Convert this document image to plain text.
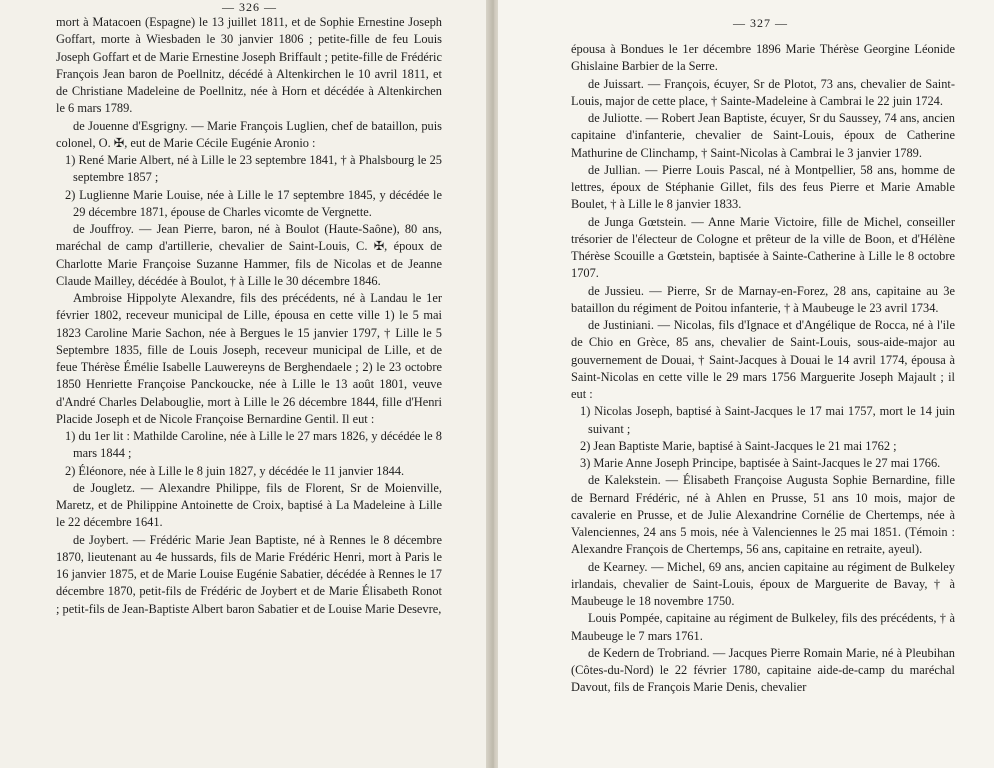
— 326 —

mort à Matacoen (Espagne) le 13 juillet 1811, et de Sophie Ernestine Joseph Goffart, morte à Wiesbaden le 30 janvier 1806 ; petite-fille de feu Louis Joseph Goffart et de Marie Ernestine Joseph Briffault ; petite-fille de Frédéric François Jean baron de Poellnitz, décédé à Altenkirchen le 10 avril 1811, et de Christiane Madeleine de Poellnitz, née à Horn et décédée à Altenkirchen le 6 mars 1789.

de Jouenne d'Esgrigny. — Marie François Luglien, chef de bataillon, puis colonel, O. ✠, eut de Marie Cécile Eugénie Aronio :

1) René Marie Albert, né à Lille le 23 septembre 1841, † à Phalsbourg le 25 septembre 1857 ;

2) Luglienne Marie Louise, née à Lille le 17 septembre 1845, y décédée le 29 décembre 1871, épouse de Charles vicomte de Vergnette.

de Jouffroy. — Jean Pierre, baron, né à Boulot (Haute-Saône), 80 ans, maréchal de camp d'artillerie, chevalier de Saint-Louis, C. ✠, époux de Charlotte Marie Françoise Suzanne Hammer, fils de Nicolas et de Jeanne Claude Mailley, décédée à Boulot, † à Lille le 30 décembre 1846.

Ambroise Hippolyte Alexandre, fils des précédents, né à Landau le 1er février 1802, receveur municipal de Lille, épousa en cette ville 1) le 5 mai 1823 Caroline Marie Sachon, née à Bergues le 15 janvier 1797, † Lille le 5 Septembre 1835, fille de Louis Joseph, receveur municipal de Lille, et de feue Thérèse Émélie Isabelle Lauwereyns de Berghendaele ; 2) le 23 octobre 1850 Henriette Françoise Panckoucke, née à Lille le 13 août 1801, veuve d'André Charles Delabouglie, mort à Lille le 26 décembre 1844, fille d'Henri Placide Joseph et de Nicole Françoise Bernardine Gentil. Il eut :

1) du 1er lit : Mathilde Caroline, née à Lille le 27 mars 1826, y décédée le 8 mars 1844 ;

2) Éléonore, née à Lille le 8 juin 1827, y décédée le 11 janvier 1844.

de Jougletz. — Alexandre Philippe, fils de Florent, Sr de Moienville, Maretz, et de Philippine Antoinette de Croix, baptisé à La Madeleine à Lille le 22 décembre 1641.

de Joybert. — Frédéric Marie Jean Baptiste, né à Rennes le 8 décembre 1870, lieutenant au 4e hussards, fils de Marie Frédéric Henri, mort à Paris le 16 janvier 1875, et de Marie Louise Eugénie Sabatier, décédée à Rennes le 17 décembre 1870, petit-fils de Frédéric de Joybert et de Marie Élisabeth Ronot ; petit-fils de Jean-Baptiste Albert baron Sabatier et de Louise Marie Desevre,

— 327 —

épousa à Bondues le 1er décembre 1896 Marie Thérèse Georgine Léonide Ghislaine Barbier de la Serre.

de Juissart. — François, écuyer, Sr de Plotot, 73 ans, chevalier de Saint-Louis, major de cette place, † Sainte-Madeleine à Cambrai le 22 juin 1724.

de Juliotte. — Robert Jean Baptiste, écuyer, Sr du Saussey, 74 ans, ancien capitaine d'infanterie, chevalier de Saint-Louis, époux de Catherine Mathurine de Clinchamp, † Saint-Nicolas à Cambrai le 3 janvier 1789.

de Jullian. — Pierre Louis Pascal, né à Montpellier, 58 ans, homme de lettres, époux de Stéphanie Gillet, fils des feus Pierre et Marie Amable Boulet, † à Lille le 8 janvier 1833.

de Junga Gœtstein. — Anne Marie Victoire, fille de Michel, conseiller trésorier de l'électeur de Cologne et prêteur de la ville de Boon, et d'Hélène Thérèse Scouille a Gœtstein, baptisée à Sainte-Catherine à Lille le 8 octobre 1707.

de Jussieu. — Pierre, Sr de Marnay-en-Forez, 28 ans, capitaine au 3e bataillon du régiment de Poitou infanterie, † à Maubeuge le 23 avril 1734.

de Justiniani. — Nicolas, fils d'Ignace et d'Angélique de Rocca, né à l'ile de Chio en Grèce, 85 ans, chevalier de Saint-Louis, sous-aide-major au gouvernement de Douai, † Saint-Jacques à Douai le 14 avril 1774, épousa à Saint-Nicolas en cette ville le 29 mars 1756 Marguerite Joseph Majault ; il eut :

1) Nicolas Joseph, baptisé à Saint-Jacques le 17 mai 1757, mort le 14 juin suivant ;

2) Jean Baptiste Marie, baptisé à Saint-Jacques le 21 mai 1762 ;

3) Marie Anne Joseph Principe, baptisée à Saint-Jacques le 27 mai 1766.

de Kalekstein. — Élisabeth Françoise Augusta Sophie Bernardine, fille de Bernard Frédéric, né à Ahlen en Prusse, 51 ans 10 mois, major de cavalerie en Prusse, et de Julie Alexandrine Cornélie de Chertemps, née à Valenciennes, 24 ans 5 mois, née à Valenciennes le 25 mai 1851. (Témoin : Alexandre François de Chertemps, 56 ans, capitaine en retraite, ayeul).

de Kearney. — Michel, 69 ans, ancien capitaine au régiment de Bulkeley irlandais, chevalier de Saint-Louis, époux de Marguerite de Bavay, † à Maubeuge le 18 novembre 1750.

Louis Pompée, capitaine au régiment de Bulkeley, fils des précédents, † à Maubeuge le 7 mars 1761.

de Kedern de Trobriand. — Jacques Pierre Romain Marie, né à Pleubihan (Côtes-du-Nord) le 22 février 1780, capitaine aide-de-camp du maréchal Davout, fils de François Marie Denis, chevalier
